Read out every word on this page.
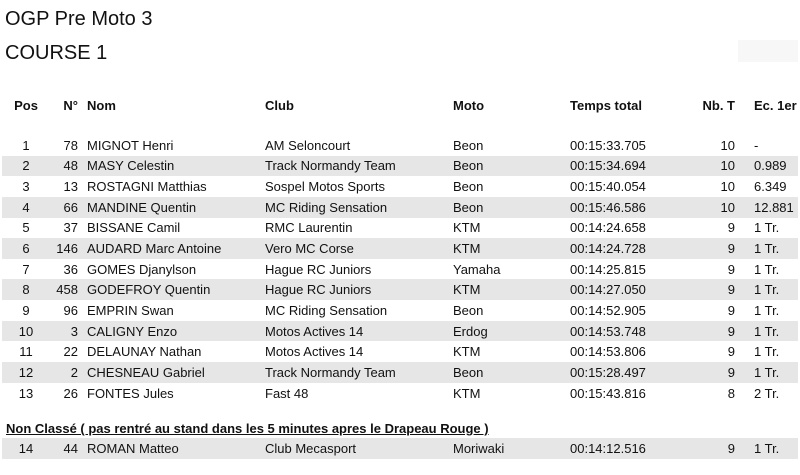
OGP Pre Moto 3
COURSE 1
Pos	N°	Nom	Club	Moto	Temps total	Nb. T	Ec. 1er

1	78	MIGNOT Henri	AM Seloncourt	Beon	00:15:33.705	10	-
2	48	MASY Celestin	Track Normandy Team	Beon	00:15:34.694	10	0.989
3	13	ROSTAGNI Matthias	Sospel Motos Sports	Beon	00:15:40.054	10	6.349
4	66	MANDINE Quentin	MC Riding Sensation	Beon	00:15:46.586	10	12.881
5	37	BISSANE Camil	RMC Laurentin	KTM	00:14:24.658	9	1 Tr.
6	146	AUDARD Marc Antoine	Vero MC Corse	KTM	00:14:24.728	9	1 Tr.
7	36	GOMES Djanylson	Hague RC Juniors	Yamaha	00:14:25.815	9	1 Tr.
8	458	GODEFROY Quentin	Hague RC Juniors	KTM	00:14:27.050	9	1 Tr.
9	96	EMPRIN Swan	MC Riding Sensation	Beon	00:14:52.905	9	1 Tr.
10	3	CALIGNY Enzo	Motos Actives 14	Erdog	00:14:53.748	9	1 Tr.
11	22	DELAUNAY Nathan	Motos Actives 14	KTM	00:14:53.806	9	1 Tr.
12	2	CHESNEAU Gabriel	Track Normandy Team	Beon	00:15:28.497	9	1 Tr.
13	26	FONTES Jules	Fast 48	KTM	00:15:43.816	8	2 Tr.

Non Classé ( pas rentré au stand dans les 5 minutes apres le Drapeau Rouge )							
14	44	ROMAN Matteo	Club Mecasport	Moriwaki	00:14:12.516	9	1 Tr.
